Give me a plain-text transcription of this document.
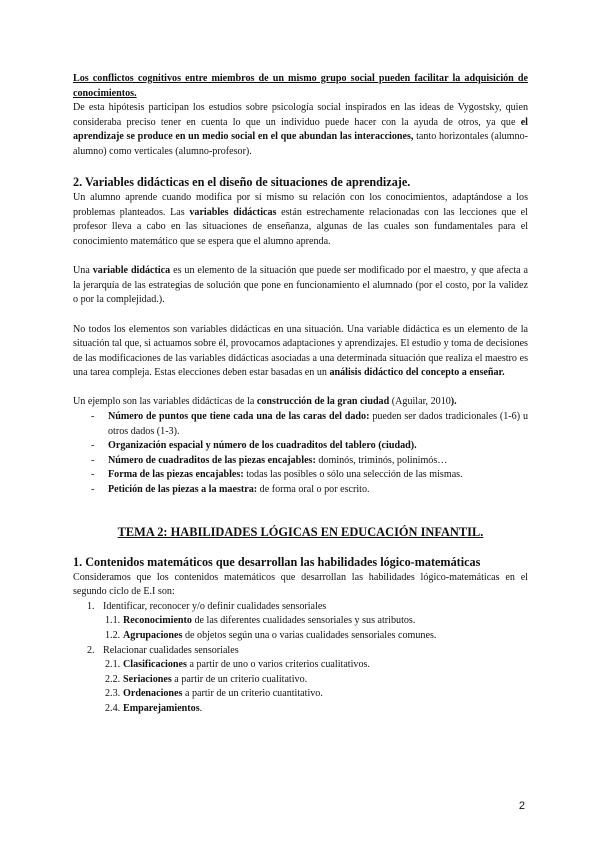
Los conflictos cognitivos entre miembros de un mismo grupo social pueden facilitar la adquisición de conocimientos.

De esta hipótesis participan los estudios sobre psicología social inspirados en las ideas de Vygostsky, quien consideraba preciso tener en cuenta lo que un individuo puede hacer con la ayuda de otros, ya que el aprendizaje se produce en un medio social en el que abundan las interacciones, tanto horizontales (alumno-alumno) como verticales (alumno-profesor).

2. Variables didácticas en el diseño de situaciones de aprendizaje.

Un alumno aprende cuando modifica por sí mismo su relación con los conocimientos, adaptándose a los problemas planteados. Las variables didácticas están estrechamente relacionadas con las lecciones que el profesor lleva a cabo en las situaciones de enseñanza, algunas de las cuales son fundamentales para el conocimiento matemático que se espera que el alumno aprenda.

Una variable didáctica es un elemento de la situación que puede ser modificado por el maestro, y que afecta a la jerarquía de las estrategias de solución que pone en funcionamiento el alumnado (por el costo, por la validez o por la complejidad.).

No todos los elementos son variables didácticas en una situación. Una variable didáctica es un elemento de la situación tal que, si actuamos sobre él, provocamos adaptaciones y aprendizajes. El estudio y toma de decisiones de las modificaciones de las variables didácticas asociadas a una determinada situación que realiza el maestro es una tarea compleja. Estas elecciones deben estar basadas en un análisis didáctico del concepto a enseñar.

Un ejemplo son las variables didácticas de la construcción de la gran ciudad (Aguilar, 2010).

- Número de puntos que tiene cada una de las caras del dado: pueden ser dados tradicionales (1-6) u otros dados (1-3).
- Organización espacial y número de los cuadraditos del tablero (ciudad).
- Número de cuadraditos de las piezas encajables: dominós, triminós, polinimós…
- Forma de las piezas encajables: todas las posibles o sólo una selección de las mismas.
- Petición de las piezas a la maestra: de forma oral o por escrito.
TEMA 2: HABILIDADES LÓGICAS EN EDUCACIÓN INFANTIL.
1. Contenidos matemáticos que desarrollan las habilidades lógico-matemáticas

Consideramos que los contenidos matemáticos que desarrollan las habilidades lógico-matemáticas en el segundo ciclo de E.I son:

1. Identificar, reconocer y/o definir cualidades sensoriales
1.1. Reconocimiento de las diferentes cualidades sensoriales y sus atributos.
1.2. Agrupaciones de objetos según una o varias cualidades sensoriales comunes.
2. Relacionar cualidades sensoriales
2.1. Clasificaciones a partir de uno o varios criterios cualitativos.
2.2. Seriaciones a partir de un criterio cualitativo.
2.3. Ordenaciones a partir de un criterio cuantitativo.
2.4. Emparejamientos.
2
